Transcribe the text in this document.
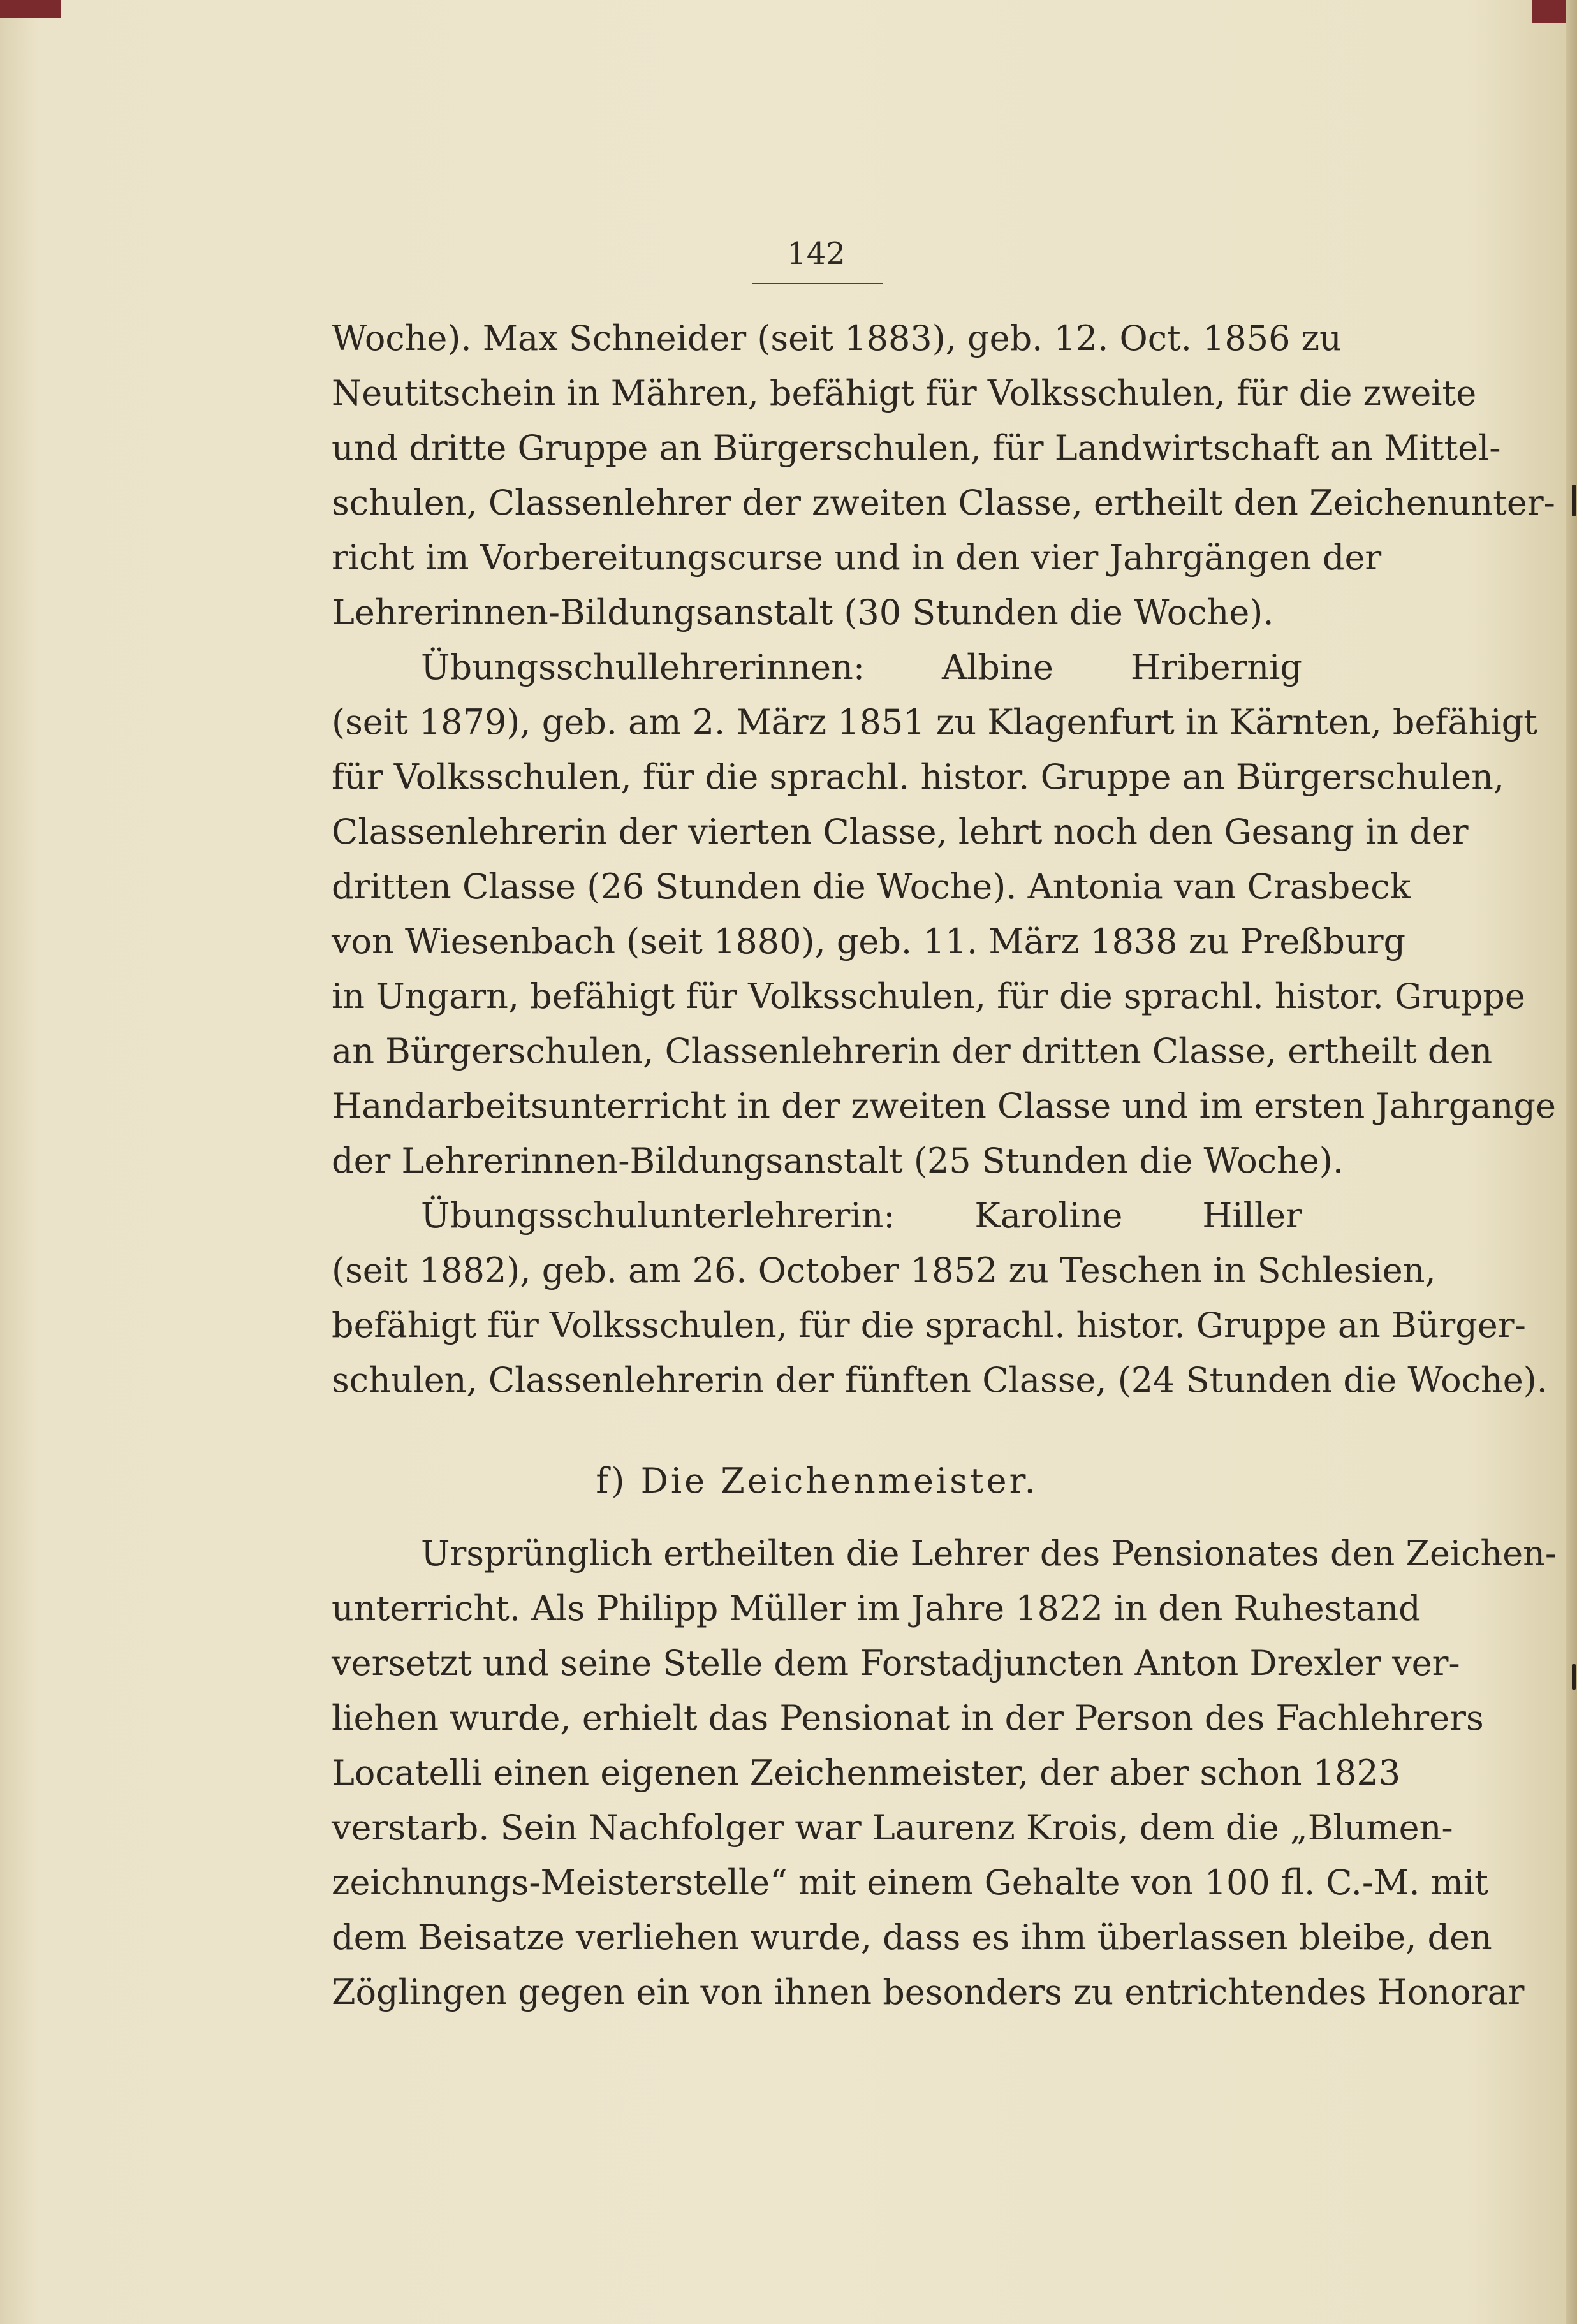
142
Woche). Max Schneider (seit 1883), geb. 12. Oct. 1856 zu
Neutitschein in Mähren, befähigt für Volksschulen, für die zweite
und dritte Gruppe an Bürgerschulen, für Landwirtschaft an Mittel-
schulen, Classenlehrer der zweiten Classe, ertheilt den Zeichenunter-
richt im Vorbereitungscurse und in den vier Jahrgängen der
Lehrerinnen-Bildungsanstalt (30 Stunden die Woche).
Übungsschullehrerinnen: Albine Hribernig
(seit 1879), geb. am 2. März 1851 zu Klagenfurt in Kärnten, befähigt
für Volksschulen, für die sprachl. histor. Gruppe an Bürgerschulen,
Classenlehrerin der vierten Classe, lehrt noch den Gesang in der
dritten Classe (26 Stunden die Woche). Antonia van Crasbeck
von Wiesenbach (seit 1880), geb. 11. März 1838 zu Preßburg
in Ungarn, befähigt für Volksschulen, für die sprachl. histor. Gruppe
an Bürgerschulen, Classenlehrerin der dritten Classe, ertheilt den
Handarbeitsunterricht in der zweiten Classe und im ersten Jahrgange
der Lehrerinnen-Bildungsanstalt (25 Stunden die Woche).
Übungsschulunterlehrerin: Karoline Hiller
(seit 1882), geb. am 26. October 1852 zu Teschen in Schlesien,
befähigt für Volksschulen, für die sprachl. histor. Gruppe an Bürger-
schulen, Classenlehrerin der fünften Classe, (24 Stunden die Woche).
f) Die Zeichenmeister.
Ursprünglich ertheilten die Lehrer des Pensionates den Zeichen-
unterricht. Als Philipp Müller im Jahre 1822 in den Ruhestand
versetzt und seine Stelle dem Forstadjuncten Anton Drexler ver-
liehen wurde, erhielt das Pensionat in der Person des Fachlehrers
Locatelli einen eigenen Zeichenmeister, der aber schon 1823
verstarb. Sein Nachfolger war Laurenz Krois, dem die „Blumen-
zeichnungs-Meisterstelle“ mit einem Gehalte von 100 fl. C.-M. mit
dem Beisatze verliehen wurde, dass es ihm überlassen bleibe, den
Zöglingen gegen ein von ihnen besonders zu entrichtendes Honorar
